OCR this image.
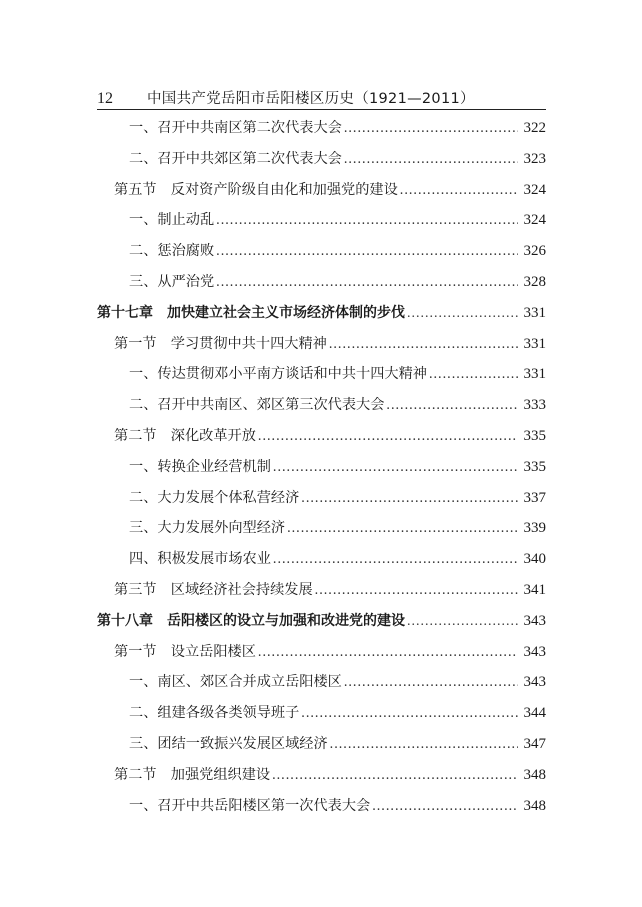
12	中国共产党岳阳市岳阳楼区历史（1921—2011）
一、召开中共南区第二次代表大会 .....	322
二、召开中共郊区第二次代表大会 .....	323
第五节　反对资产阶级自由化和加强党的建设 .....	324
一、制止动乱 .....	324
二、惩治腐败 .....	326
三、从严治党 .....	328
第十七章　加快建立社会主义市场经济体制的步伐 .....	331
第一节　学习贯彻中共十四大精神 .....	331
一、传达贯彻邓小平南方谈话和中共十四大精神 .....	331
二、召开中共南区、郊区第三次代表大会 .....	333
第二节　深化改革开放 .....	335
一、转换企业经营机制 .....	335
二、大力发展个体私营经济 .....	337
三、大力发展外向型经济 .....	339
四、积极发展市场农业 .....	340
第三节　区域经济社会持续发展 .....	341
第十八章　岳阳楼区的设立与加强和改进党的建设 .....	343
第一节　设立岳阳楼区 .....	343
一、南区、郊区合并成立岳阳楼区 .....	343
二、组建各级各类领导班子 .....	344
三、团结一致振兴发展区域经济 .....	347
第二节　加强党组织建设 .....	348
一、召开中共岳阳楼区第一次代表大会 .....	348
